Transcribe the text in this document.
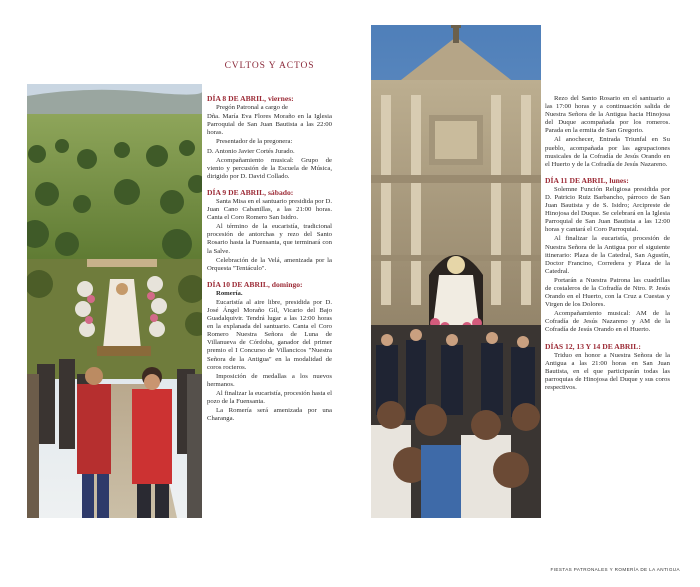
CVLTOS Y ACTOS
DÍA 8 DE ABRIL, viernes:
Pregón Patronal a cargo de
Dña. María Eva Flores Moraño en la Iglesia Parroquial de San Juan Bautista a las 22:00 horas.
Presentador de la pregonera:
D. Antonio Javier Cortés Jurado.
Acompañamiento musical: Grupo de viento y percusión de la Escuela de Música, dirigido por D. David Collado.
DÍA 9 DE ABRIL, sábado:
Santa Misa en el santuario presidida por D. Juan Cano Cabanillas, a las 21:00 horas. Canta el Coro Romero San Isidro.
Al término de la eucaristía, tradicional procesión de antorchas y rezo del Santo Rosario hasta la Fuensanta, que terminará con la Salve.
Celebración de la Velá, amenizada por la Orquesta "Tentáculo".
DÍA 10 DE ABRIL, domingo:
Romería.
Eucaristía al aire libre, presidida por D. José Ángel Moraño Gil, Vicario del Bajo Guadalquivir. Tendrá lugar a las 12:00 horas en la explanada del santuario. Canta el Coro Romero Nuestra Señora de Luna de Villanueva de Córdoba, ganador del primer premio el I Concurso de Villancicos "Nuestra Señora de la Antigua" en la modalidad de coros rocieros.
Imposición de medallas a los nuevos hermanos.
Al finalizar la eucaristía, procesión hasta el pozo de la Fuensanta.
La Romería será amenizada por una Charanga.
Rezo del Santo Rosario en el santuario a las 17:00 horas y a continuación salida de Nuestra Señora de la Antigua hacia Hinojosa del Duque acompañada por los romeros. Parada en la ermita de San Gregorio.
Al anochecer, Entrada Triunfal en Su pueblo, acompañada por las agrupaciones musicales de la Cofradía de Jesús Orando en el Huerto y de la Cofradía de Jesús Nazareno.
DÍA 11 DE ABRIL, lunes:
Solemne Función Religiosa presidida por D. Patricio Ruiz Barbancho, párroco de San Juan Bautista y de S. Isidro; Arcipreste de Hinojosa del Duque. Se celebrará en la Iglesia Parroquial de San Juan Bautista a las 12:00 horas y cantará el Coro Parroquial.
Al finalizar la eucaristía, procesión de Nuestra Señora de la Antigua por el siguiente itinerario: Plaza de la Catedral, San Agustín, Doctor Francino, Corredera y Plaza de la Catedral.
Portarán a Nuestra Patrona las cuadrillas de costaleros de la Cofradía de Ntro. P. Jesús Orando en el Huerto, con la Cruz a Cuestas y Virgen de los Dolores.
Acompañamiento musical: AM de la Cofradía de Jesús Nazareno y AM de la Cofradía de Jesús Orando en el Huerto.
DÍAS 12, 13 Y 14 DE ABRIL:
Triduo en honor a Nuestra Señora de la Antigua a las 21:00 horas en San Juan Bautista, en el que participarán todas las parroquias de Hinojosa del Duque y sus coros respectivos.
FIESTAS PATRONALES Y ROMERÍA DE LA ANTIGUA
